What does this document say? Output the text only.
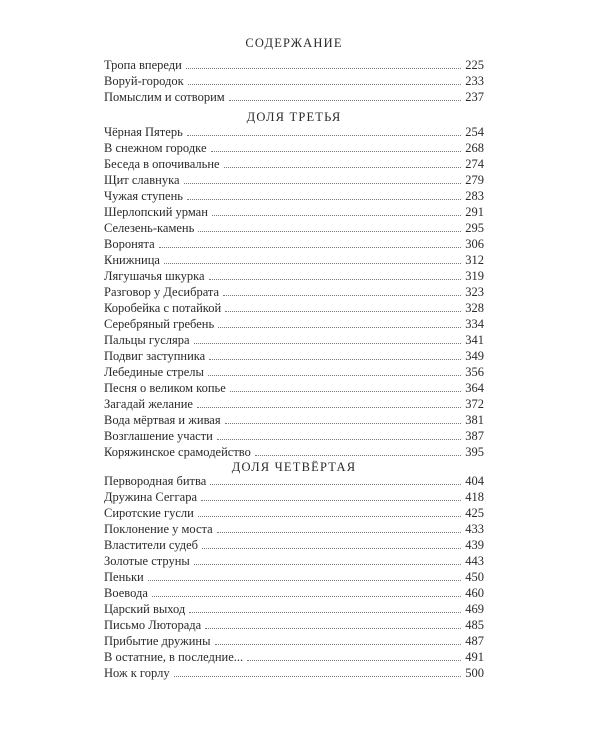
СОДЕРЖАНИЕ
Тропа впереди	225
Воруй-городок	233
Помыслим и сотворим	237
ДОЛЯ ТРЕТЬЯ
Чёрная Пятерь	254
В снежном городке	268
Беседа в опочивальне	274
Щит славнука	279
Чужая ступень	283
Шерлопский урман	291
Селезень-камень	295
Воронята	306
Книжница	312
Лягушачья шкурка	319
Разговор у Десибрата	323
Коробейка с потайкой	328
Серебряный гребень	334
Пальцы гусляра	341
Подвиг заступника	349
Лебединые стрелы	356
Песня о великом копье	364
Загадай желание	372
Вода мёртвая и живая	381
Возглашение участи	387
Коряжинское срамодейство	395
ДОЛЯ ЧЕТВЁРТАЯ
Первородная битва	404
Дружина Сеггара	418
Сиротские гусли	425
Поклонение у моста	433
Властители судеб	439
Золотые струны	443
Пеньки	450
Воевода	460
Царский выход	469
Письмо Люторада	485
Прибытие дружины	487
В остатние, в последние...	491
Нож к горлу	500
